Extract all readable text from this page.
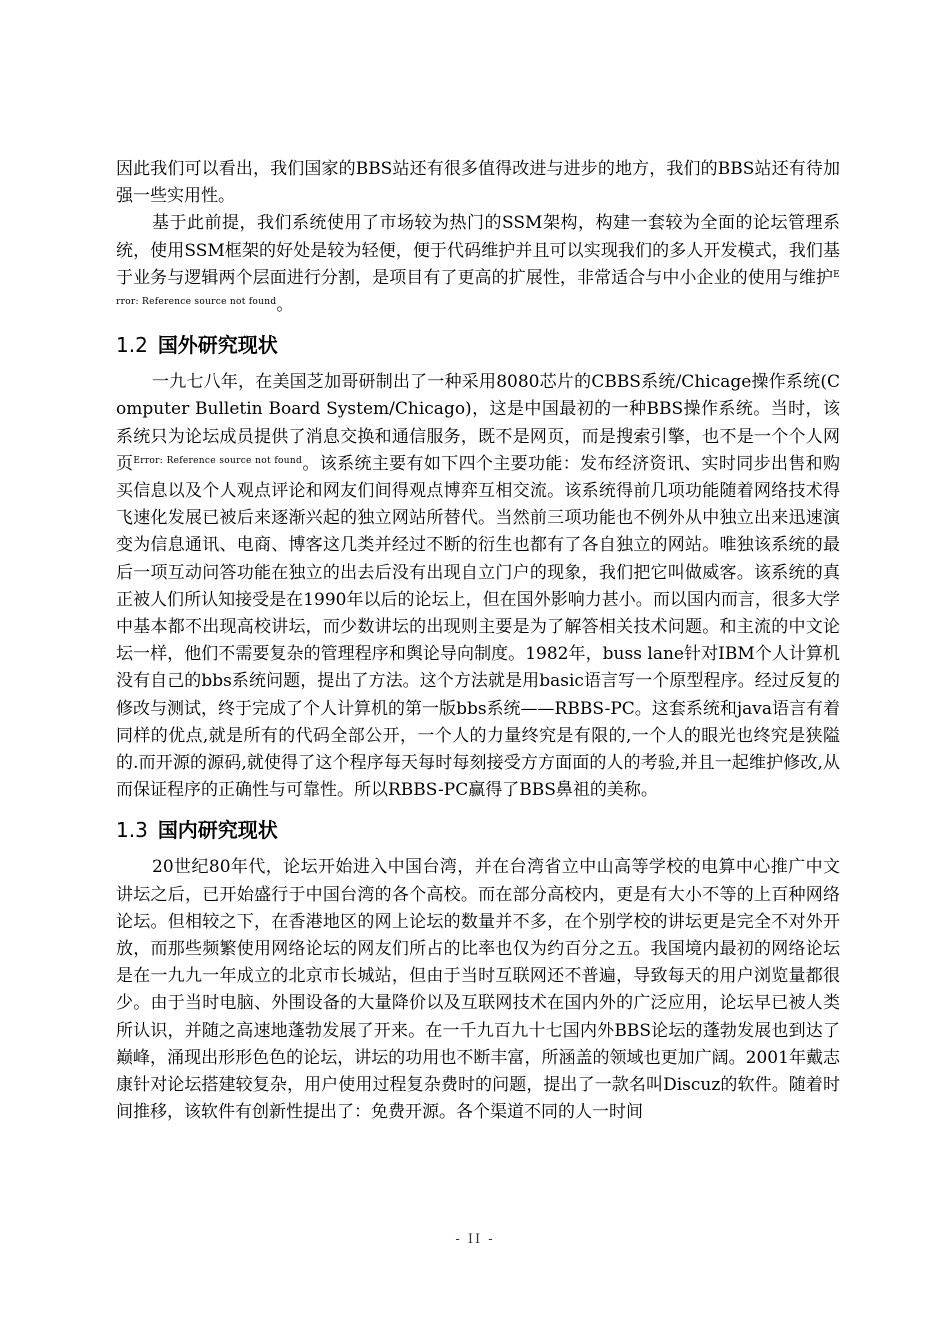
因此我们可以看出，我们国家的BBS站还有很多值得改进与进步的地方，我们的BBS站还有待加强一些实用性。

基于此前提，我们系统使用了市场较为热门的SSM架构，构建一套较为全面的论坛管理系统，使用SSM框架的好处是较为轻便，便于代码维护并且可以实现我们的多人开发模式，我们基于业务与逻辑两个层面进行分割，是项目有了更高的扩展性，非常适合与中小企业的使用与维护$^{Error: Reference source not found}$。

1.2 国外研究现状

一九七八年，在美国芝加哥研制出了一种采用8080芯片的CBBS系统/Chicage操作系统(Computer Bulletin Board System/Chicago)，这是中国最初的一种BBS操作系统。当时，该系统只为论坛成员提供了消息交换和通信服务，既不是网页，而是搜索引擎，也不是一个个人网页$^{Error: Reference source not found}$。该系统主要有如下四个主要功能：发布经济资讯、实时同步出售和购买信息以及个人观点评论和网友们间得观点博弈互相交流。该系统得前几项功能随着网络技术得飞速化发展已被后来逐渐兴起的独立网站所替代。当然前三项功能也不例外从中独立出来迅速演变为信息通讯、电商、博客这几类并经过不断的衍生也都有了各自独立的网站。唯独该系统的最后一项互动问答功能在独立的出去后没有出现自立门户的现象，我们把它叫做威客。该系统的真正被人们所认知接受是在1990年以后的论坛上，但在国外影响力甚小。而以国内而言，很多大学中基本都不出现高校讲坛，而少数讲坛的出现则主要是为了解答相关技术问题。和主流的中文论坛一样，他们不需要复杂的管理程序和舆论导向制度。1982年，buss lane针对IBM个人计算机没有自己的bbs系统问题，提出了方法。这个方法就是用basic语言写一个原型程序。经过反复的修改与测试，终于完成了个人计算机的第一版bbs系统——RBBS-PC。这套系统和java语言有着同样的优点,就是所有的代码全部公开，一个人的力量终究是有限的,一个人的眼光也终究是狭隘的.而开源的源码,就使得了这个程序每天每时每刻接受方方面面的人的考验,并且一起维护修改,从而保证程序的正确性与可靠性。所以RBBS-PC赢得了BBS鼻祖的美称。

1.3 国内研究现状

20世纪80年代，论坛开始进入中国台湾，并在台湾省立中山高等学校的电算中心推广中文讲坛之后，已开始盛行于中国台湾的各个高校。而在部分高校内，更是有大小不等的上百种网络论坛。但相较之下，在香港地区的网上论坛的数量并不多，在个别学校的讲坛更是完全不对外开放，而那些频繁使用网络论坛的网友们所占的比率也仅为约百分之五。我国境内最初的网络论坛是在一九九一年成立的北京市长城站，但由于当时互联网还不普遍，导致每天的用户浏览量都很少。由于当时电脑、外围设备的大量降价以及互联网技术在国内外的广泛应用，论坛早已被人类所认识，并随之高速地蓬勃发展了开来。在一千九百九十七国内外BBS论坛的蓬勃发展也到达了巅峰，涌现出形形色色的论坛，讲坛的功用也不断丰富，所涵盖的领域也更加广阔。2001年戴志康针对论坛搭建较复杂，用户使用过程复杂费时的问题，提出了一款名叫Discuz的软件。随着时间推移，该软件有创新性提出了：免费开源。各个渠道不同的人一时间

- II -
